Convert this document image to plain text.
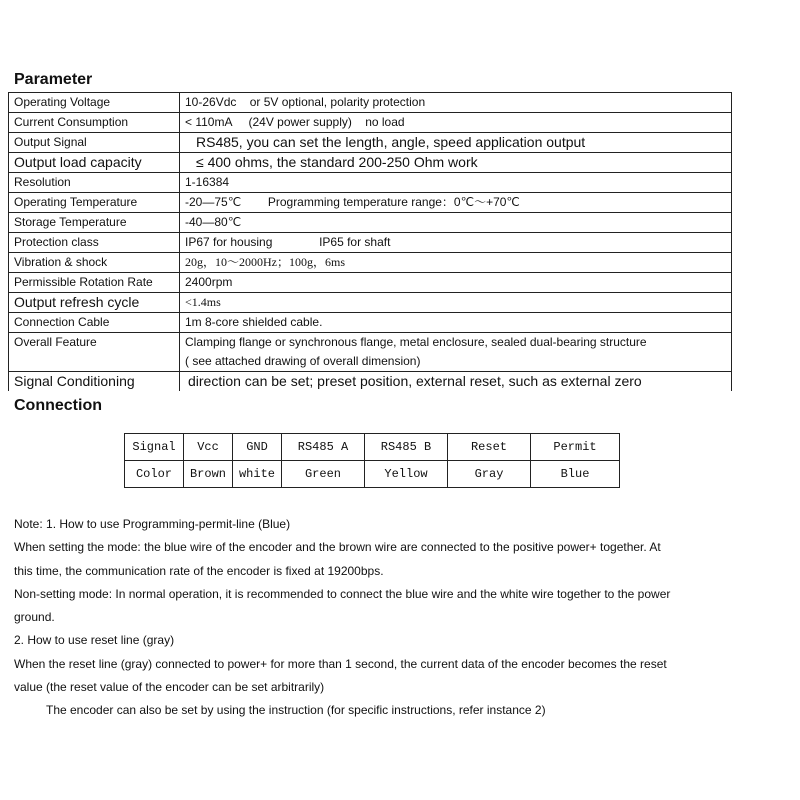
Parameter
Operating Voltage	10-26Vdc    or 5V optional, polarity protection
Current Consumption	< 110mA     (24V power supply)    no load
Output Signal	RS485, you can set the length, angle, speed application output
Output load capacity	≤ 400 ohms, the standard 200-250 Ohm work
Resolution	1-16384
Operating Temperature	-20—75℃        Programming temperature range：0℃～+70℃
Storage Temperature	-40—80℃
Protection class	IP67 for housing              IP65 for shaft
Vibration & shock	20g，10～2000Hz；100g，6ms
Permissible Rotation Rate	2400rpm
Output refresh cycle	<1.4ms
Connection Cable	1m 8-core shielded cable.
Overall Feature	Clamping flange or synchronous flange, metal enclosure, sealed dual-bearing structure
( see attached drawing of overall dimension)

Signal Conditioning	direction can be set; preset position, external reset, such as external zero
Connection
Signal	Vcc	GND	RS485 A	RS485 B	Reset	Permit
Color	Brown	white	Green	Yellow	Gray	Blue

Note: 1. How to use Programming-permit-line (Blue)

When setting the mode: the blue wire of the encoder and the brown wire are connected to the positive power+ together. At

this time, the communication rate of the encoder is fixed at 19200bps.

Non-setting mode: In normal operation, it is recommended to connect the blue wire and the white wire together to the power

ground.

2. How to use reset line (gray)

When the reset line (gray) connected to power+ for more than 1 second, the current data of the encoder becomes the reset

value (the reset value of the encoder can be set arbitrarily)

The encoder can also be set by using the instruction (for specific instructions, refer instance 2)
